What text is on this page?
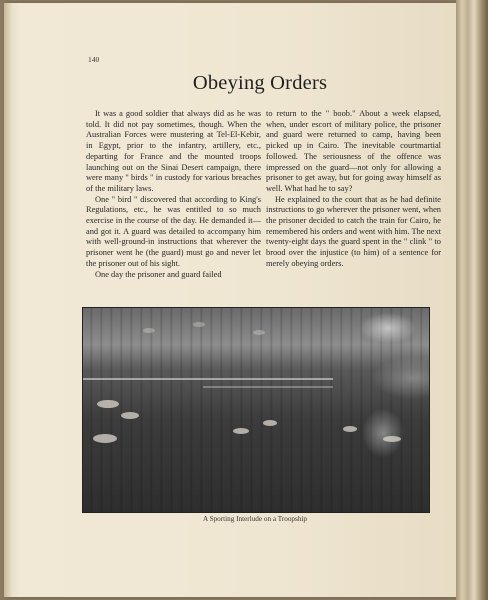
140
Obeying Orders

It was a good soldier that always did as he was told. It did not pay sometimes, though. When the Australian Forces were mustering at Tel-El-Kebir, in Egypt, prior to the infantry, artillery, etc., departing for France and the mounted troops launching out on the Sinai Desert campaign, there were many " birds " in custody for various breaches of the military laws.

One " bird " discovered that according to King's Regulations, etc., he was entitled to so much exercise in the course of the day. He demanded it—and got it. A guard was detailed to accompany him with well-ground-in instructions that wherever the prisoner went he (the guard) must go and never let the prisoner out of his sight.

One day the prisoner and guard failed

to return to the " boob." About a week elapsed, when, under escort of military police, the prisoner and guard were returned to camp, having been picked up in Cairo. The inevitable courtmartial followed. The seriousness of the offence was impressed on the guard—not only for allowing a prisoner to get away, but for going away himself as well. What had he to say?

He explained to the court that as he had definite instructions to go wherever the prisoner went, when the prisoner decided to catch the train for Cairo, he remembered his orders and went with him. The next twenty-eight days the guard spent in the " clink " to brood over the injustice (to him) of a sentence for merely obeying orders.

A Sporting Interlude on a Troopship
